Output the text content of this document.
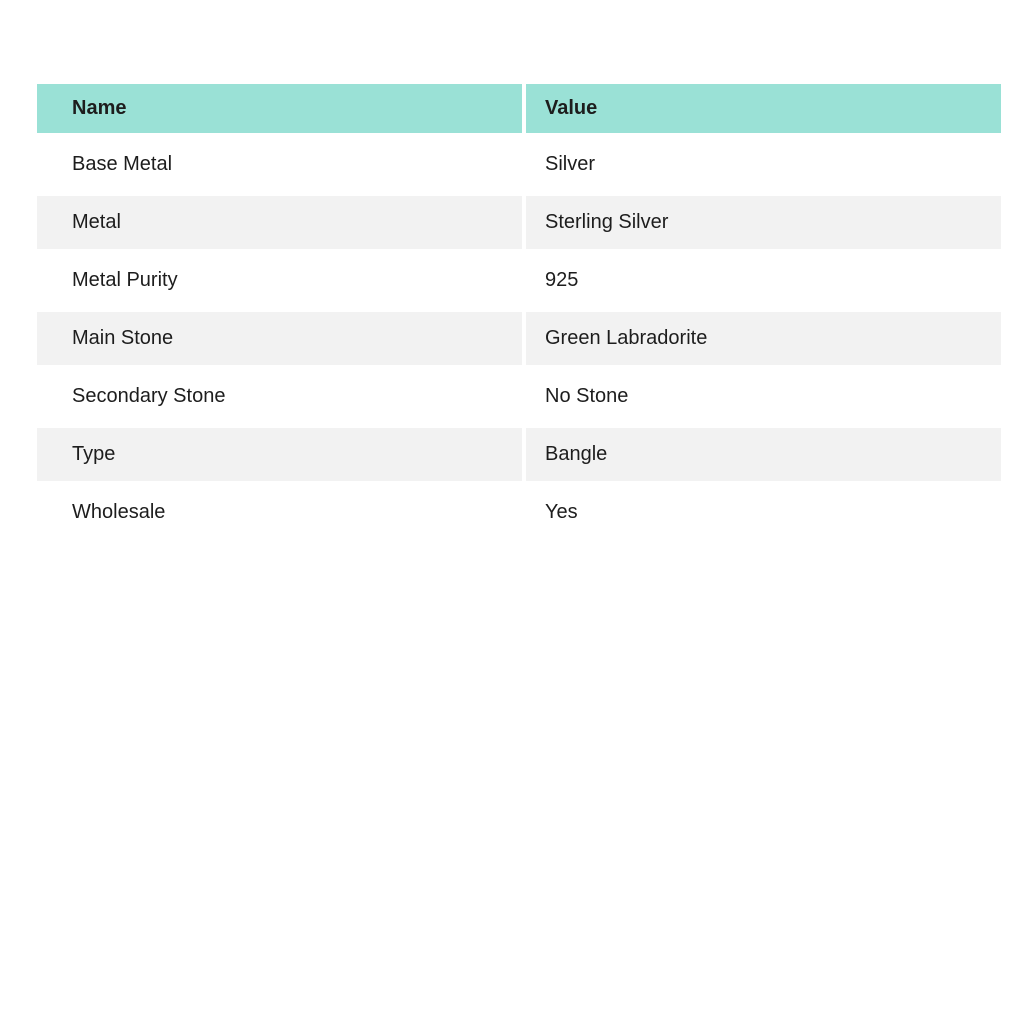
Name	Value
Base Metal	Silver
Metal	Sterling Silver
Metal Purity	925
Main Stone	Green Labradorite
Secondary Stone	No Stone
Type	Bangle
Wholesale	Yes
